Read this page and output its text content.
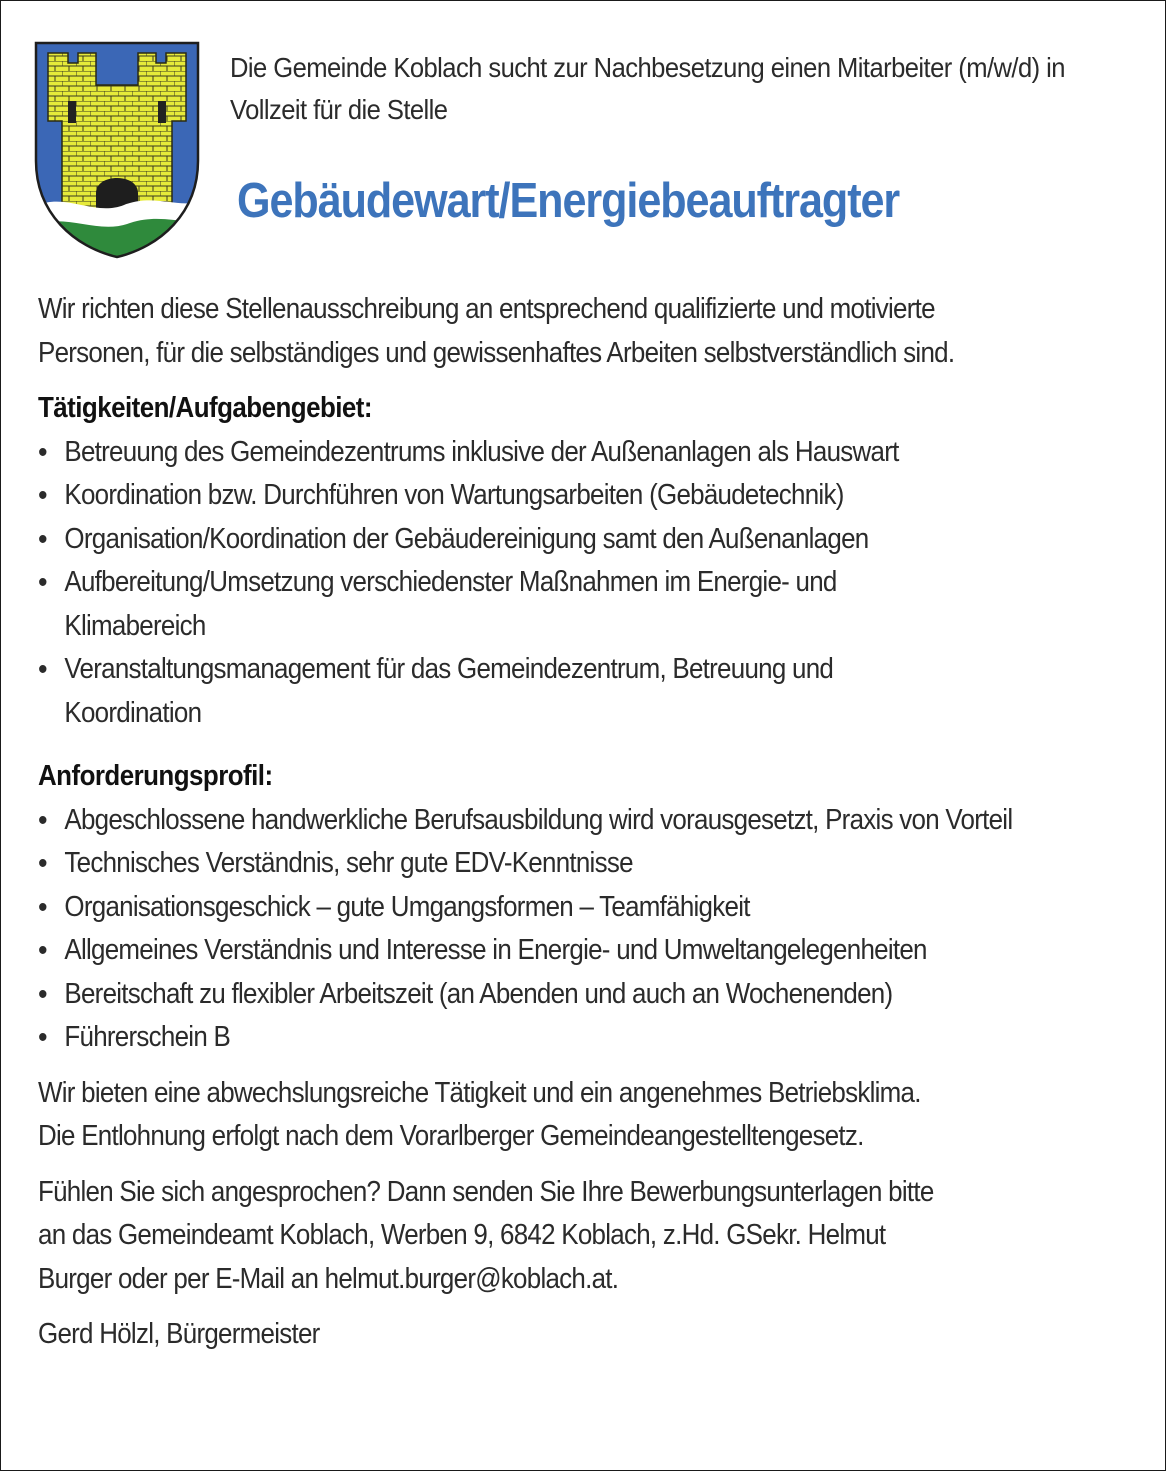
Die Gemeinde Koblach sucht zur Nachbesetzung einen Mitarbeiter (m/w/d) in Vollzeit für die Stelle
Gebäudewart/Energiebeauftragter

Wir richten diese Stellenausschreibung an entsprechend qualifizierte und motivierte

Personen, für die selbständiges und gewissenhaftes Arbeiten selbstverständlich sind.

Tätigkeiten/Aufgabengebiet:

• Betreuung des Gemeindezentrums inklusive der Außenanlagen als Hauswart
• Koordination bzw. Durchführen von Wartungsarbeiten (Gebäudetechnik)
• Organisation/Koordination der Gebäudereinigung samt den Außenanlagen
• Aufbereitung/Umsetzung verschiedenster Maßnahmen im Energie- und Klimabereich
• Veranstaltungsmanagement für das Gemeindezentrum, Betreuung und Koordination

Anforderungsprofil:

• Abgeschlossene handwerkliche Berufsausbildung wird vorausgesetzt, Praxis von Vorteil
• Technisches Verständnis, sehr gute EDV-Kenntnisse
• Organisationsgeschick – gute Umgangsformen – Teamfähigkeit
• Allgemeines Verständnis und Interesse in Energie- und Umweltangelegenheiten
• Bereitschaft zu flexibler Arbeitszeit (an Abenden und auch an Wochenenden)
• Führerschein B

Wir bieten eine abwechslungsreiche Tätigkeit und ein angenehmes Betriebsklima.

Die Entlohnung erfolgt nach dem Vorarlberger Gemeindeangestelltengesetz.

Fühlen Sie sich angesprochen? Dann senden Sie Ihre Bewerbungsunterlagen bitte

an das Gemeindeamt Koblach, Werben 9, 6842 Koblach, z.Hd. GSekr. Helmut

Burger oder per E-Mail an helmut.burger@koblach.at.

Gerd Hölzl, Bürgermeister
